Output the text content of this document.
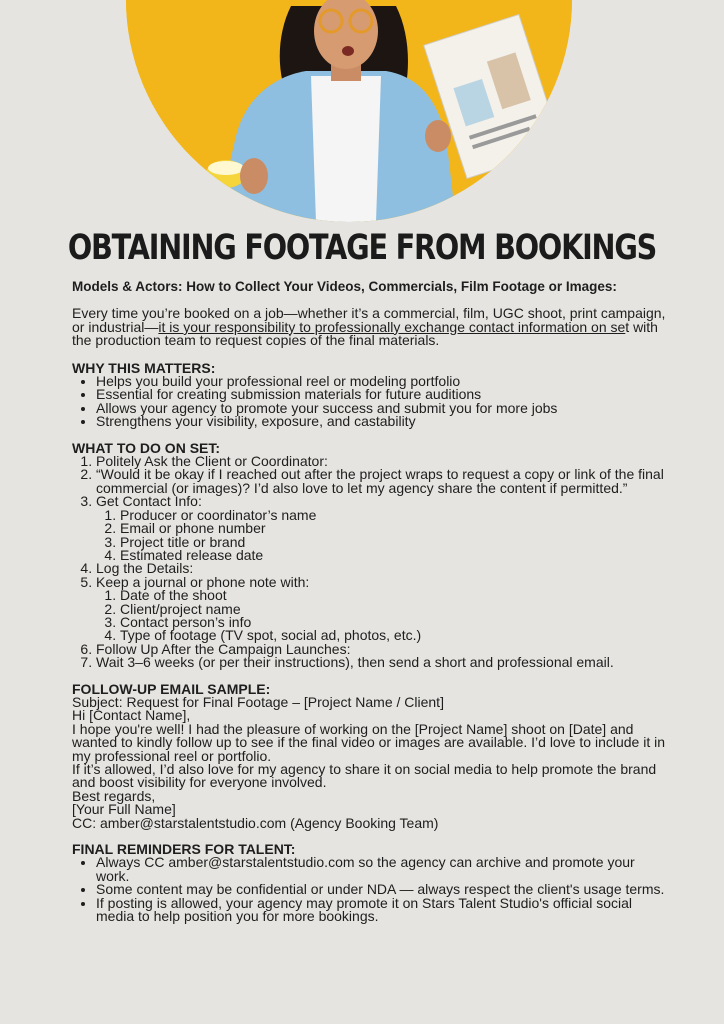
OBTAINING FOOTAGE FROM BOOKINGS

Models & Actors: How to Collect Your Videos, Commercials, Film Footage or Images:

Every time you’re booked on a job—whether it’s a commercial, film, UGC shoot, print campaign, or industrial—it is your responsibility to professionally exchange contact information on set with the production team to request copies of the final materials.

WHY THIS MATTERS:
• Helps you build your professional reel or modeling portfolio
• Essential for creating submission materials for future auditions
• Allows your agency to promote your success and submit you for more jobs
• Strengthens your visibility, exposure, and castability
WHAT TO DO ON SET:
1. Politely Ask the Client or Coordinator:
2. “Would it be okay if I reached out after the project wraps to request a copy or link of the final commercial (or images)? I’d also love to let my agency share the content if permitted.”
3. Get Contact Info:
1. Producer or coordinator’s name
2. Email or phone number
3. Project title or brand
4. Estimated release date
4. Log the Details:
5. Keep a journal or phone note with:
1. Date of the shoot
2. Client/project name
3. Contact person’s info
4. Type of footage (TV spot, social ad, photos, etc.)
6. Follow Up After the Campaign Launches:
7. Wait 3–6 weeks (or per their instructions), then send a short and professional email.
FOLLOW-UP EMAIL SAMPLE:

Subject: Request for Final Footage – [Project Name / Client]

Hi [Contact Name],

I hope you're well! I had the pleasure of working on the [Project Name] shoot on [Date] and wanted to kindly follow up to see if the final video or images are available. I’d love to include it in my professional reel or portfolio.

If it’s allowed, I’d also love for my agency to share it on social media to help promote the brand and boost visibility for everyone involved.

Best regards,

[Your Full Name]

CC: amber@starstalentstudio.com (Agency Booking Team)

FINAL REMINDERS FOR TALENT:
• Always CC amber@starstalentstudio.com so the agency can archive and promote your work.
• Some content may be confidential or under NDA — always respect the client's usage terms.
• If posting is allowed, your agency may promote it on Stars Talent Studio's official social media to help position you for more bookings.
